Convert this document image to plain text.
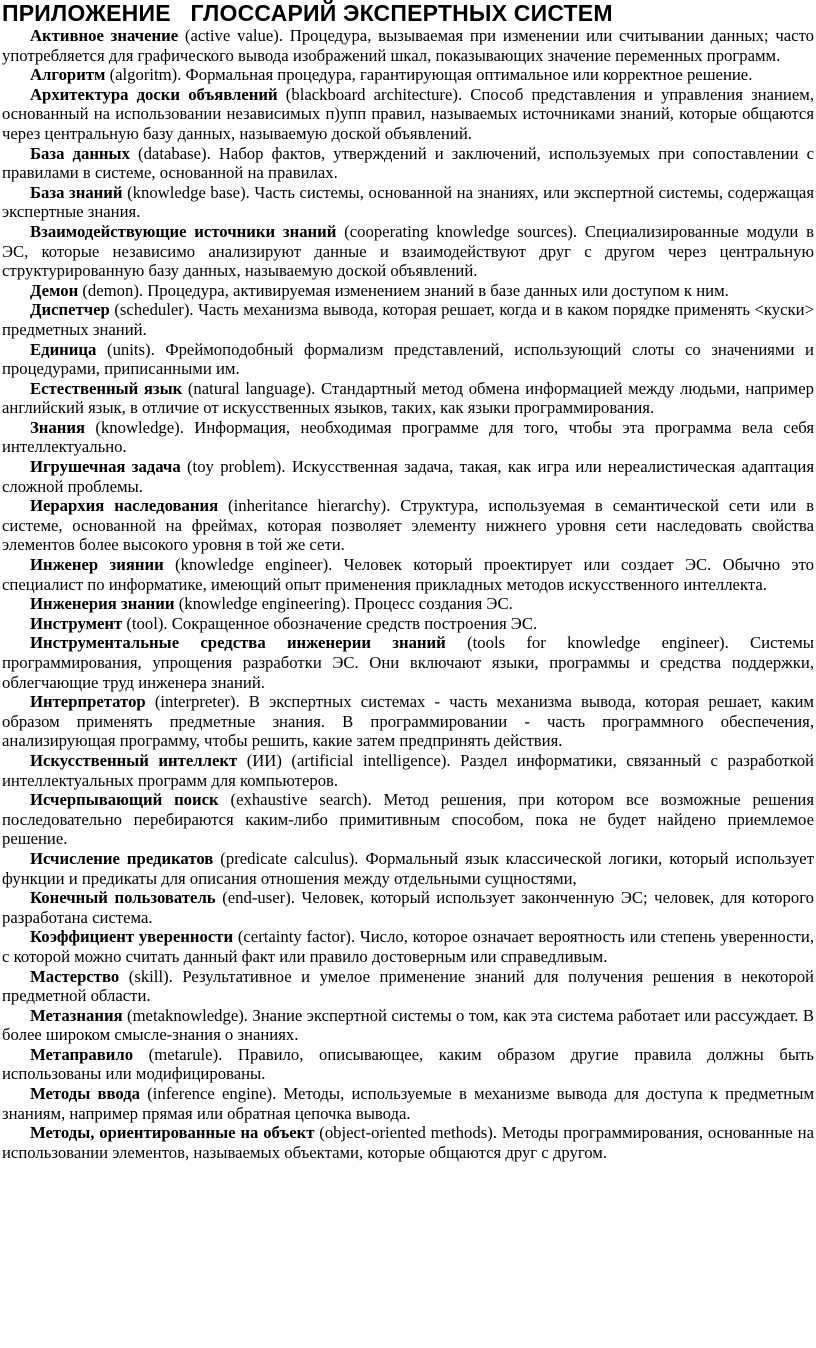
ПРИЛОЖЕНИЕ   ГЛОССАРИЙ ЭКСПЕРТНЫХ СИСТЕМ

Активное значение (active value). Процедура, вызываемая при изменении или считывании данных; часто употребляется для графического вывода изображений шкал, показывающих значение переменных программ.

Алгоритм (algoritm). Формальная процедура, гарантирующая оптимальное или корректное решение.

Архитектура доски объявлений (blackboard architecture). Способ представления и управления знанием, основанный на использовании независимых п)упп правил, называемых источниками знаний, которые общаются через центральную базу данных, называемую доской объявлений.

База данных (database). Набор фактов, утверждений и заключений, используемых при сопоставлении с правилами в системе, основанной на правилах.

База знаний (knowledge base). Часть системы, основанной на знаниях, или экспертной системы, содержащая экспертные знания.

Взаимодействующие источники знаний (cooperating knowledge sources). Специализированные модули в ЭС, которые независимо анализируют данные и взаимодействуют друг с другом через центральную структурированную базу данных, называемую доской объявлений.

Демон (demon). Процедура, активируемая изменением знаний в базе данных или доступом к ним.

Диспетчер (scheduler). Часть механизма вывода, которая решает, когда и в каком порядке применять <куски> предметных знаний.

Единица (units). Фреймоподобный формализм представлений, использующий слоты со значениями и процедурами, приписанными им.

Естественный язык (natural language). Стандартный метод обмена информацией между людьми, например английский язык, в отличие от искусственных языков, таких, как языки программирования.

Знания (knowledge). Информация, необходимая программе для того, чтобы эта программа вела себя интеллектуально.

Игрушечная задача (toy problem). Искусственная задача, такая, как игра или нереалистическая адаптация сложной проблемы.

Иерархия наследования (inheritance hierarchy). Структура, используемая в семантической сети или в системе, основанной на фреймах, которая позволяет элементу нижнего уровня сети наследовать свойства элементов более высокого уровня в той же сети.

Инженер зиянии (knowledge engineer). Человек который проектирует или создает ЭС. Обычно это специалист по информатике, имеющий опыт применения прикладных методов искусственного интеллекта.

Инженерия знании (knowledge engineering). Процесс создания ЭС.

Инструмент (tool). Сокращенное обозначение средств построения ЭС.

Инструментальные средства инженерии знаний (tools for knowledge engineer). Системы программирования, упрощения разработки ЭС. Они включают языки, программы и средства поддержки, облегчающие труд инженера знаний.

Интерпретатор (interpreter). В экспертных системах - часть механизма вывода, которая решает, каким образом применять предметные знания. В программировании - часть программного обеспечения, анализирующая программу, чтобы решить, какие затем предпринять действия.

Искусственный интеллект (ИИ) (artificial intelligence). Раздел информатики, связанный с разработкой интеллектуальных программ для компьютеров.

Исчерпывающий поиск (exhaustive search). Метод решения, при котором все возможные решения последовательно перебираются каким-либо примитивным способом, пока не будет найдено приемлемое решение.

Исчисление предикатов (predicate calculus). Формальный язык классической логики, который использует функции и предикаты для описания отношения между отдельными сущностями,

Конечный пользователь (end-user). Человек, который использует законченную ЭС; человек, для которого разработана система.

Коэффициент уверенности (certainty factor). Число, которое означает вероятность или степень уверенности, с которой можно считать данный факт или правило достоверным или справедливым.

Мастерство (skill). Результативное и умелое применение знаний для получения решения в некоторой предметной области.

Метазнания (metaknowledge). Знание экспертной системы о том, как эта система работает или рассуждает. В более широком смысле-знания о знаниях.

Метаправило (metarule). Правило, описывающее, каким образом другие правила должны быть использованы или модифицированы.

Методы ввода (inference engine). Методы, используемые в механизме вывода для доступа к предметным знаниям, например прямая или обратная цепочка вывода.

Методы, ориентированные на объект (object-oriented methods). Методы программирования, основанные на использовании элементов, называемых объектами, которые общаются друг с другом.
